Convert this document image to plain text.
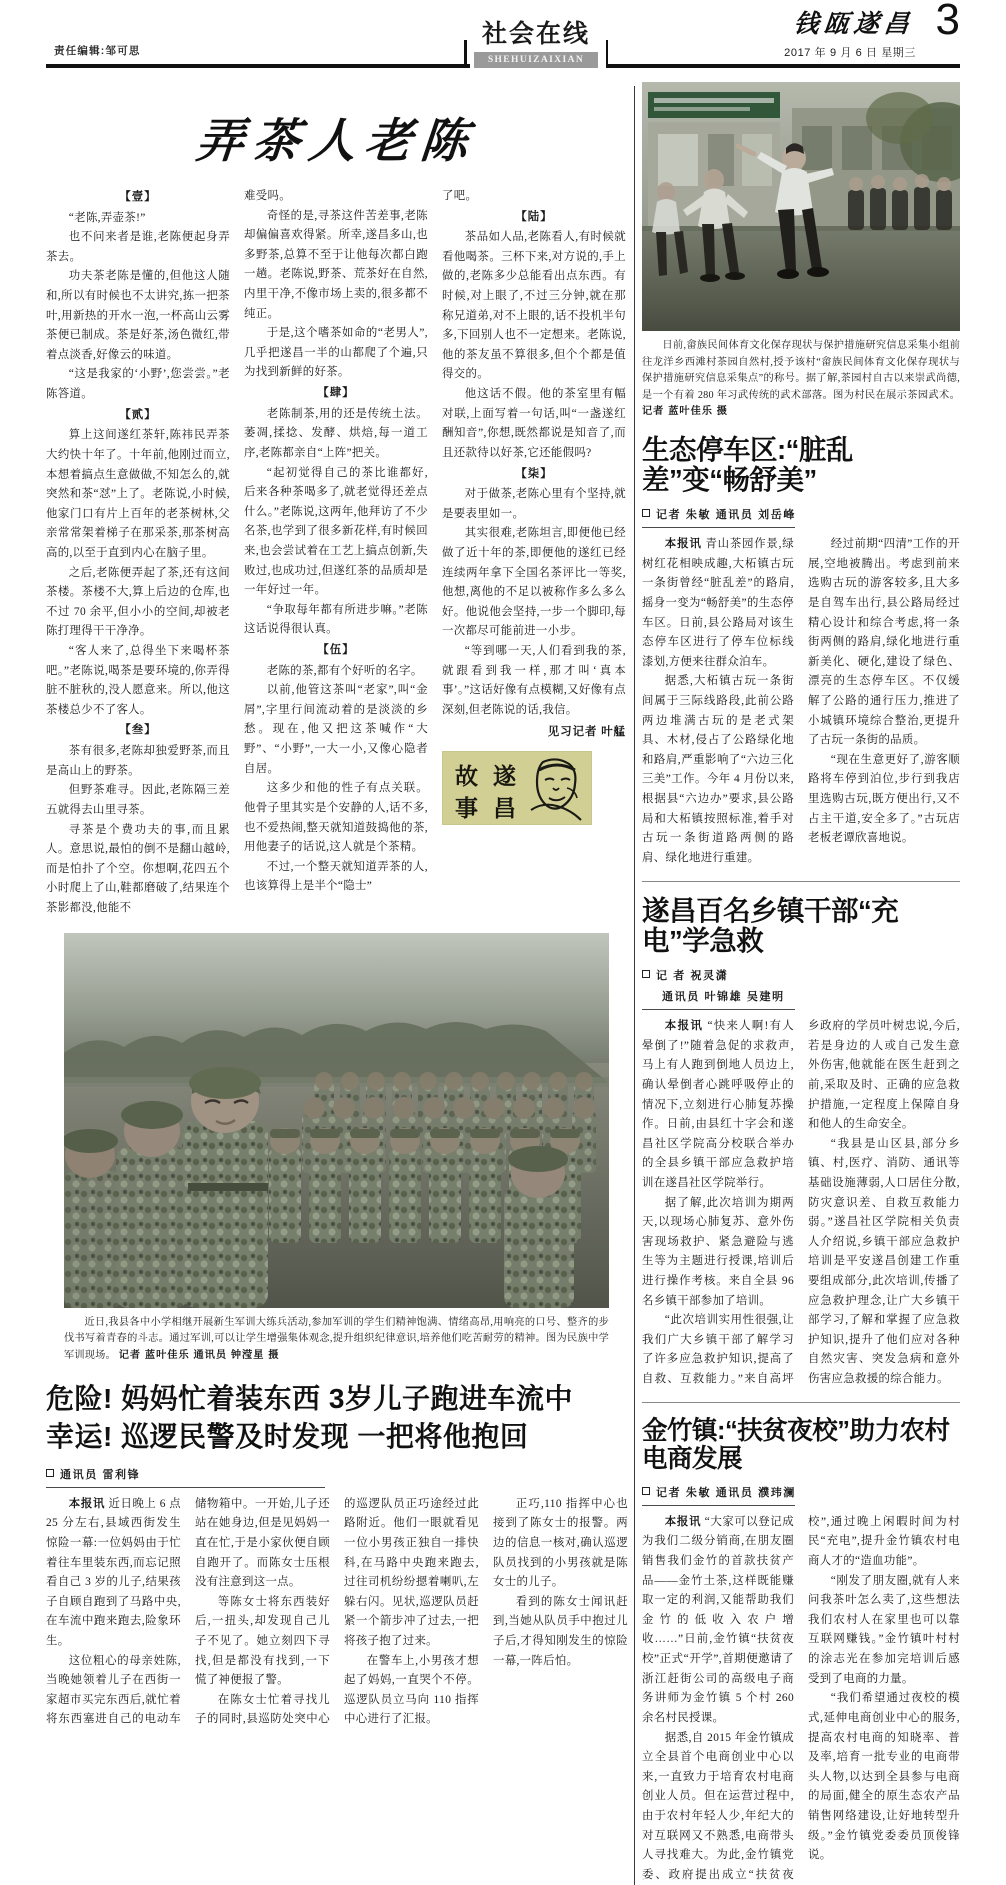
责任编辑:邹可思
社会在线
SHEHUIZAIXIAN
钱瓯遂昌
2017 年 9 月 6 日 星期三
3
弄茶人老陈

【壹】

“老陈,弄壶茶!”

也不问来者是谁,老陈便起身弄茶去。

功夫茶老陈是懂的,但他这人随和,所以有时候也不太讲究,拣一把茶叶,用新热的开水一泡,一杯高山云雾茶便已制成。茶是好茶,汤色微红,带着点淡香,好像云的味道。

“这是我家的‘小野’,您尝尝。”老陈答道。

【贰】

算上这间遂红茶轩,陈祎民弄茶大约快十年了。十年前,他刚过而立,本想着搞点生意做做,不知怎么的,就突然和茶“怼”上了。老陈说,小时候,他家门口有片上百年的老茶树林,父亲常常架着梯子在那采茶,那茶树高高的,以至于直到内心在脑子里。

之后,老陈便弄起了茶,还有这间茶楼。茶楼不大,算上后边的仓库,也不过 70 余平,但小小的空间,却被老陈打理得干干净净。

“客人来了,总得坐下来喝杯茶吧。”老陈说,喝茶是要环境的,你弄得脏不脏秋的,没人愿意来。所以,他这茶楼总少不了客人。

【叁】

茶有很多,老陈却独爱野茶,而且是高山上的野茶。

但野茶难寻。因此,老陈隔三差五就得去山里寻茶。

寻茶是个费功夫的事,而且累人。意思说,最怕的倒不是翻山越岭,而是怕扑了个空。你想啊,花四五个小时爬上了山,鞋都磨破了,结果连个茶影都没,他能不

难受吗。

奇怪的是,寻茶这件苦差事,老陈却偏偏喜欢得紧。所幸,遂昌多山,也多野茶,总算不至于让他每次都白跑一趟。老陈说,野茶、荒茶好在自然,内里干净,不像市场上卖的,很多都不纯正。

于是,这个嗜茶如命的“老男人”,几乎把遂昌一半的山都爬了个遍,只为找到新鲜的好茶。

【肆】

老陈制茶,用的还是传统土法。萎凋,揉捻、发酵、烘焙,每一道工序,老陈都亲自“上阵”把关。

“起初觉得自己的茶比谁都好,后来各种茶喝多了,就老觉得还差点什么。”老陈说,这两年,他拜访了不少名茶,也学到了很多新花样,有时候回来,也会尝试着在工艺上搞点创新,失败过,也成功过,但遂红茶的品质却是一年好过一年。

“争取每年都有所进步嘛。”老陈这话说得很认真。

【伍】

老陈的茶,都有个好听的名字。

以前,他管这茶叫“老家”,叫“金屑”,字里行间流动着的是淡淡的乡愁。现在,他又把这茶喊作“大野”、“小野”,一大一小,又像心隐者自居。

这多少和他的性子有点关联。他骨子里其实是个安静的人,话不多,也不爱热闹,整天就知道鼓捣他的茶,用他妻子的话说,这人就是个茶精。

不过,一个整天就知道弄茶的人,也该算得上是半个“隐士”

了吧。

【陆】

茶品如人品,老陈看人,有时候就看他喝茶。三杯下来,对方说的,手上做的,老陈多少总能看出点东西。有时候,对上眼了,不过三分钟,就在那称兄道弟,对不上眼的,话不投机半句多,下回别人也不一定想来。老陈说,他的茶友虽不算很多,但个个都是值得交的。

他这话不假。他的茶室里有幅对联,上面写着一句话,叫“一盏遂红酬知音”,你想,既然都说是知音了,而且还款待以好茶,它还能假吗?

【柒】

对于做茶,老陈心里有个坚持,就是要表里如一。

其实很难,老陈坦言,即便他已经做了近十年的茶,即便他的遂红已经连续两年拿下全国名茶评比一等奖,他想,离他的不足以被称作多么多么好。他说他会坚持,一步一个脚印,每一次都尽可能前进一小步。

“等到哪一天,人们看到我的茶,就跟看到我一样,那才叫‘真本事’。”这话好像有点模糊,又好像有点深刻,但老陈说的话,我信。

见习记者 叶艋

故 遂
事 昌
近日,我县各中小学相继开展新生军训大练兵活动,参加军训的学生们精神饱满、情绪高昂,用响亮的口号、整齐的步伐书写着青春的斗志。通过军训,可以让学生增强集体观念,提升组织纪律意识,培养他们吃苦耐劳的精神。图为民族中学军训现场。 记者 蓝叶佳乐 通讯员 钟滢星 摄
危险! 妈妈忙着装东西 3岁儿子跑进车流中
幸运! 巡逻民警及时发现 一把将他抱回
通讯员 雷利锋

本报讯 近日晚上 6 点 25 分左右,县域西街发生惊险一幕:一位妈妈由于忙着往车里装东西,而忘记照看自己 3 岁的儿子,结果孩子自顾自跑到了马路中央,在车流中跑来跑去,险象环生。

这位粗心的母亲姓陈,当晚她领着儿子在西街一家超市买完东西后,就忙着将东西塞进自己的电动车储物箱中。一开始,儿子还站在她身边,但是见妈妈一直在忙,于是小家伙便自顾自跑开了。而陈女士压根没有注意到这一点。

等陈女士将东西装好后,一扭头,却发现自己儿子不见了。她立刻四下寻找,但是都没有找到,一下慌了神便报了警。

在陈女士忙着寻找儿子的同时,县巡防处突中心的巡逻队员正巧途经过此路附近。他们一眼就看见一位小男孩正独自一排快科,在马路中央跑来跑去,过往司机纷纷摁着喇叭,左躲右闪。见状,巡逻队员赶紧一个箭步冲了过去,一把将孩子抱了过来。

在警车上,小男孩才想起了妈妈,一直哭个不停。巡逻队员立马向 110 指挥中心进行了汇报。

正巧,110 指挥中心也接到了陈女士的报警。两边的信息一核对,确认巡逻队员找到的小男孩就是陈女士的儿子。

看到的陈女士闻讯赶到,当她从队员手中抱过儿子后,才得知刚发生的惊险一幕,一阵后怕。

日前,畲族民间体育文化保存现状与保护措施研究信息采集小组前往龙洋乡西滩村茶园自然村,授予该村“畲族民间体育文化保存现状与保护措施研究信息采集点”的称号。据了解,茶园村自古以来崇武尚德,是一个有着 280 年习武传统的武术部落。图为村民在展示茶园武术。 记者 蓝叶佳乐 摄
生态停车区:“脏乱差”变“畅舒美”
记者 朱敏 通讯员 刘岳峰

本报讯 青山茶园作景,绿树红花相映成趣,大柘镇古玩一条街曾经“脏乱差”的路肩,摇身一变为“畅舒美”的生态停车区。日前,县公路局对该生态停车区进行了停车位标线漆划,方便来往群众泊车。

据悉,大柘镇古玩一条街间属于三际线路段,此前公路两边堆满古玩的是老式架具、木材,侵占了公路绿化地和路肩,严重影响了“六边三化三美”工作。今年 4 月份以来,根据县“六边办”要求,县公路局和大柘镇按照标准,着手对古玩一条街道路两侧的路肩、绿化地进行重建。

经过前期“四清”工作的开展,空地被腾出。考虑到前来选购古玩的游客较多,且大多是自驾车出行,县公路局经过精心设计和综合考虑,将一条街两侧的路肩,绿化地进行重新美化、硬化,建设了绿色、漂亮的生态停车区。不仅缓解了公路的通行压力,推进了小城镇环境综合整治,更提升了古玩一条街的品质。

“现在生意更好了,游客顺路将车停到泊位,步行到我店里选购古玩,既方便出行,又不占主干道,安全多了。”古玩店老板老谭欣喜地说。

遂昌百名乡镇干部“充电”学急救
记 者 祝灵潇
通讯员 叶锦雄 吴建明

本报讯 “快来人啊!有人晕倒了!”随着急促的求救声,马上有人跑到倒地人员边上,确认晕倒者心跳呼吸停止的情况下,立刻进行心肺复苏操作。日前,由县红十字会和遂昌社区学院高分校联合举办的全县乡镇干部应急救护培训在遂昌社区学院举行。

据了解,此次培训为期两天,以现场心肺复苏、意外伤害现场救护、紧急避险与逃生等为主题进行授课,培训后进行操作考核。来自全县 96 名乡镇干部参加了培训。

“此次培训实用性很强,让我们广大乡镇干部了解学习了许多应急救护知识,提高了自救、互救能力。”来自高坪乡政府的学员叶树忠说,今后,若是身边的人或自己发生意外伤害,他就能在医生赶到之前,采取及时、正确的应急救护措施,一定程度上保障自身和他人的生命安全。

“我县是山区县,部分乡镇、村,医疗、消防、通讯等基础设施薄弱,人口居住分散,防灾意识差、自救互救能力弱。”遂昌社区学院相关负责人介绍说,乡镇干部应急救护培训是平安遂昌创建工作重要组成部分,此次培训,传播了应急救护理念,让广大乡镇干部学习,了解和掌握了应急救护知识,提升了他们应对各种自然灾害、突发急病和意外伤害应急救援的综合能力。

金竹镇:“扶贫夜校”助力农村电商发展
记者 朱敏 通讯员 濮玮澜

本报讯 “大家可以登记成为我们二级分销商,在朋友圈销售我们金竹的首款扶贫产品——金竹土茶,这样既能赚取一定的利润,又能帮助我们金竹的低收入农户增收……”日前,金竹镇“扶贫夜校”正式“开学”,首期便邀请了浙江赶街公司的高级电子商务讲师为金竹镇 5 个村 260 余名村民授课。

据悉,自 2015 年金竹镇成立全县首个电商创业中心以来,一直致力于培育农村电商创业人员。但在运营过程中,由于农村年轻人少,年纪大的对互联网又不熟悉,电商带头人寻找难大。为此,金竹镇党委、政府提出成立“扶贫夜校”,通过晚上闲暇时间为村民“充电”,提升金竹镇农村电商人才的“造血功能”。

“刚发了朋友圈,就有人来问我茶叶怎么卖了,这些想法我们农村人在家里也可以靠互联网赚钱。”金竹镇叶村村的涂志光在参加完培训后感受到了电商的力量。

“我们希望通过夜校的模式,延伸电商创业中心的服务,提高农村电商的知晓率、普及率,培育一批专业的电商带头人物,以达到全县参与电商的局面,健全的原生态农产品销售网络建设,让好地转型升级。”金竹镇党委委员顶俊锋说。
